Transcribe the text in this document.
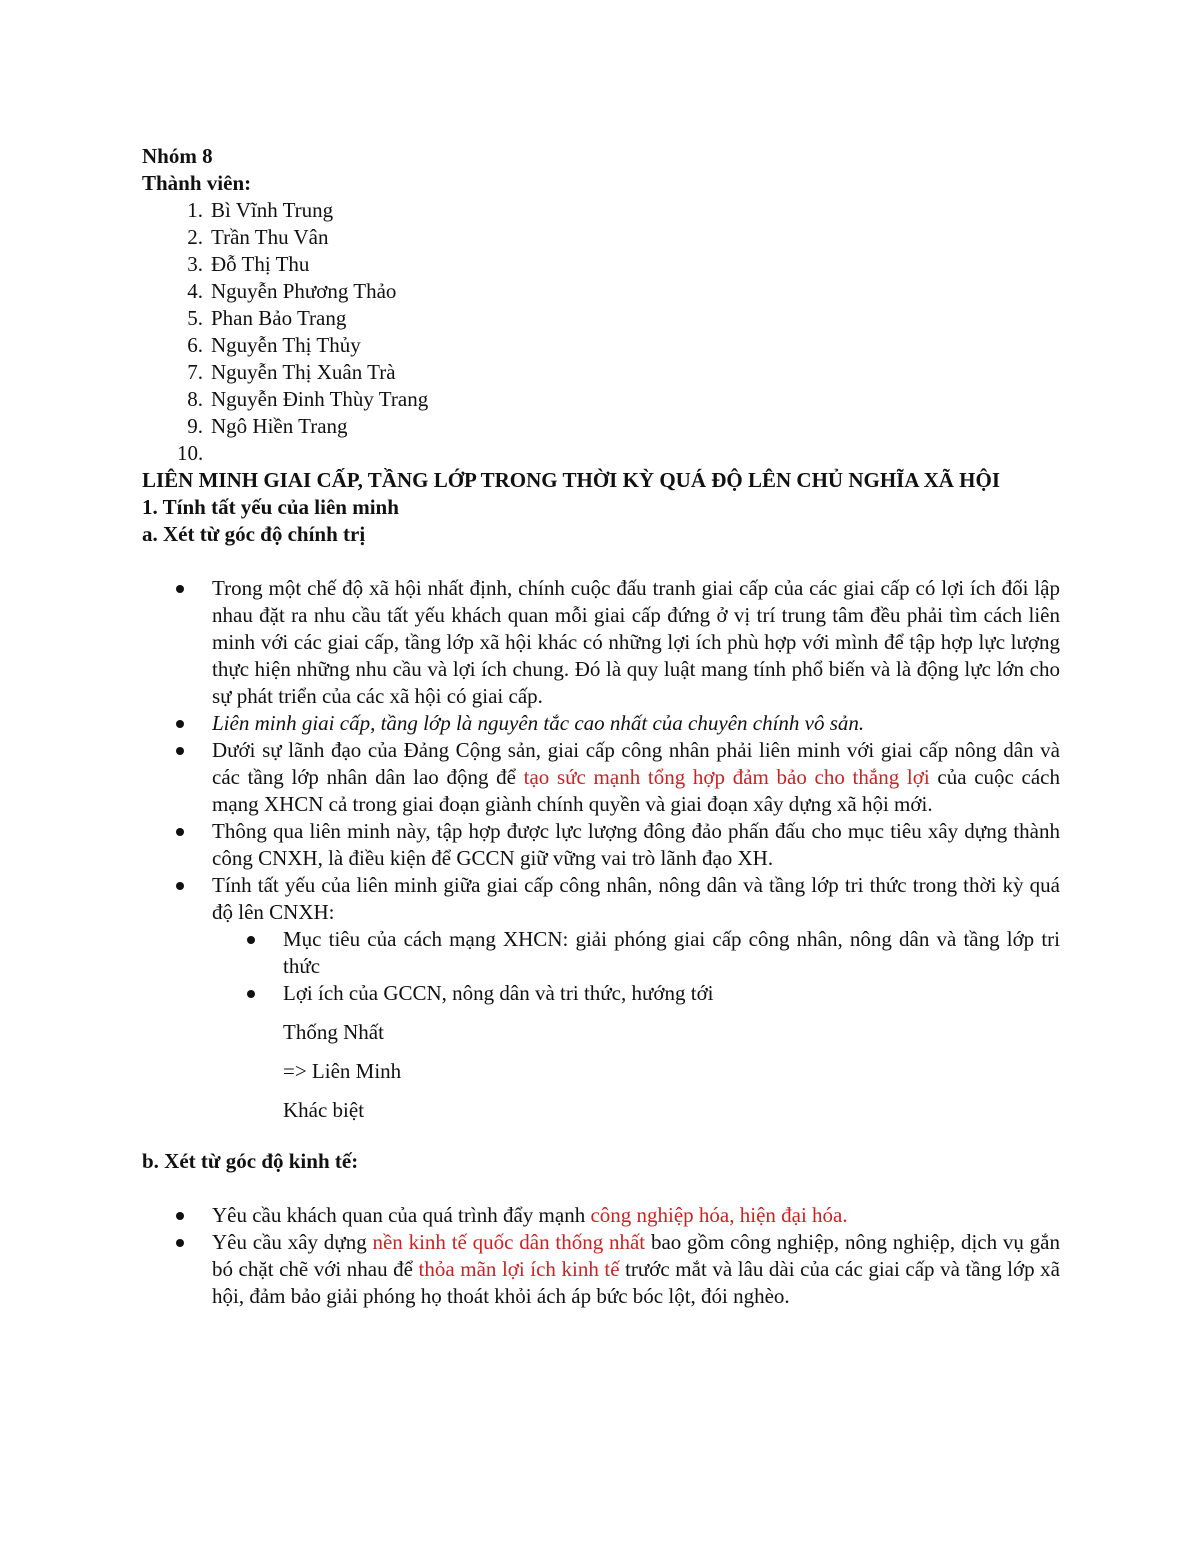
Nhóm 8

Thành viên:

1. Bì Vĩnh Trung
2. Trần Thu Vân
3. Đỗ Thị Thu
4. Nguyễn Phương Thảo
5. Phan Bảo Trang
6. Nguyễn Thị Thủy
7. Nguyễn Thị Xuân Trà
8. Nguyễn Đinh Thùy Trang
9. Ngô Hiền Trang
10.

LIÊN MINH GIAI CẤP, TẦNG LỚP TRONG THỜI KỲ QUÁ ĐỘ LÊN CHỦ NGHĨA XÃ HỘI

1. Tính tất yếu của liên minh

a. Xét từ góc độ chính trị

Trong một chế độ xã hội nhất định, chính cuộc đấu tranh giai cấp của các giai cấp có lợi ích đối lập nhau đặt ra nhu cầu tất yếu khách quan mỗi giai cấp đứng ở vị trí trung tâm đều phải tìm cách liên minh với các giai cấp, tầng lớp xã hội khác có những lợi ích phù hợp với mình để tập hợp lực lượng thực hiện những nhu cầu và lợi ích chung. Đó là quy luật mang tính phổ biến và là động lực lớn cho sự phát triển của các xã hội có giai cấp.
Liên minh giai cấp, tầng lớp là nguyên tắc cao nhất của chuyên chính vô sản.
Dưới sự lãnh đạo của Đảng Cộng sản, giai cấp công nhân phải liên minh với giai cấp nông dân và các tầng lớp nhân dân lao động để tạo sức mạnh tổng hợp đảm bảo cho thắng lợi của cuộc cách mạng XHCN cả trong giai đoạn giành chính quyền và giai đoạn xây dựng xã hội mới.
Thông qua liên minh này, tập hợp được lực lượng đông đảo phấn đấu cho mục tiêu xây dựng thành công CNXH, là điều kiện để GCCN giữ vững vai trò lãnh đạo XH.
Tính tất yếu của liên minh giữa giai cấp công nhân, nông dân và tầng lớp tri thức trong thời kỳ quá độ lên CNXH:
Mục tiêu của cách mạng XHCN: giải phóng giai cấp công nhân, nông dân và tầng lớp tri thức
Lợi ích của GCCN, nông dân và tri thức, hướng tới

Thống Nhất

=> Liên Minh

Khác biệt

b. Xét từ góc độ kinh tế:

Yêu cầu khách quan của quá trình đẩy mạnh công nghiệp hóa, hiện đại hóa.
Yêu cầu xây dựng nền kinh tế quốc dân thống nhất bao gồm công nghiệp, nông nghiệp, dịch vụ gắn bó chặt chẽ với nhau để thỏa mãn lợi ích kinh tế trước mắt và lâu dài của các giai cấp và tầng lớp xã hội, đảm bảo giải phóng họ thoát khỏi ách áp bức bóc lột, đói nghèo.
